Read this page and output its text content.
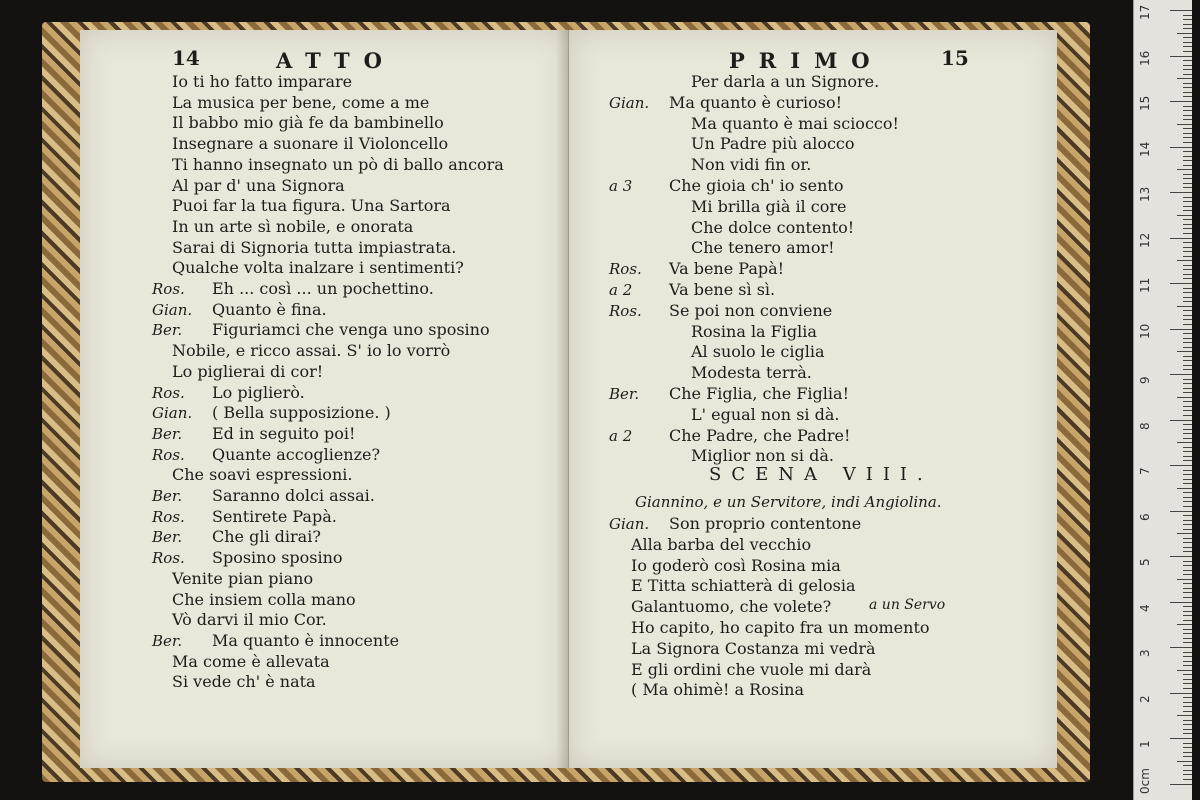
14	ATTO
Io ti ho fatto imparare
La musica per bene, come a me
Il babbo mio già fe da bambinello
Insegnare a suonare il Violoncello
Ti hanno insegnato un pò di ballo ancora
Al par d' una Signora
Puoi far la tua figura. Una Sartora
In un arte sì nobile, e onorata
Sarai di Signoria tutta impiastrata.
Qualche volta inalzare i sentimenti?
Ros. Eh ... così ... un pochettino.
Gian. Quanto è fina.
Ber. Figuriamci che venga uno sposino
Nobile, e ricco assai. S' io lo vorrò
Lo piglierai di cor!
Ros. Lo piglierò.
Gian. ( Bella supposizione. )
Ber. Ed in seguito poi!
Ros. Quante accoglienze?
Che soavi espressioni.
Ber. Saranno dolci assai.
Ros. Sentirete Papà.
Ber. Che gli dirai?
Ros. Sposino sposino
Venite pian piano
Che insiem colla mano
Vò darvi il mio Cor.
Ber. Ma quanto è innocente
Ma come è allevata
Si vede ch' è nata
PRIMO	15
Per darla a un Signore.
Gian. Ma quanto è curioso!
Ma quanto è mai sciocco!
Un Padre più alocco
Non vidi fin or.
a 3 Che gioia ch' io sento
Mi brilla già il core
Che dolce contento!
Che tenero amor!
Ros. Va bene Papà!
a 2 Va bene sì sì.
Ros. Se poi non conviene
Rosina la Figlia
Al suolo le ciglia
Modesta terrà.
Ber. Che Figlia, che Figlia!
L' egual non si dà.
a 2 Che Padre, che Padre!
Miglior non si dà.
SCENA VIII.
Giannino, e un Servitore, indi Angiolina.
Gian. Son proprio contentone
Alla barba del vecchio
Io goderò così Rosina mia
E Titta schiatterà di gelosia
Galantuomo, che volete?
Ho capito, ho capito fra un momento
La Signora Costanza mi vedrà
E gli ordini che vuole mi darà
( Ma ohimè! a Rosina
a un Servo
17
16
15
14
13
12
11
10
9
8
7
6
5
4
3
2
1
0cm
